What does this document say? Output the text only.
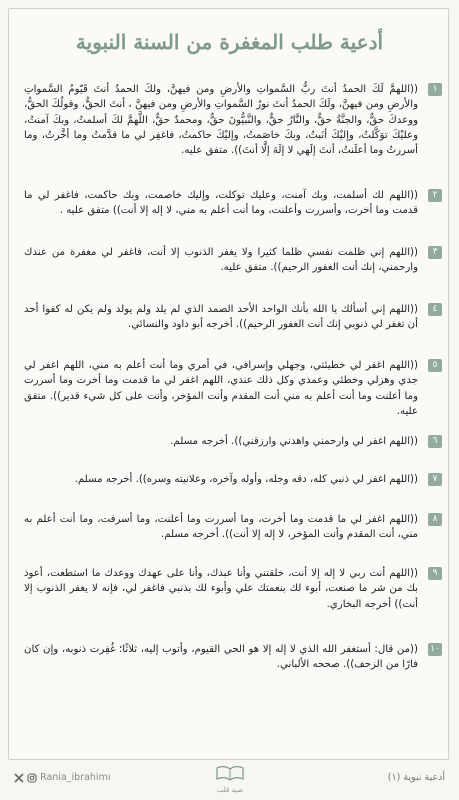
أدعية طلب المغفرة من السنة النبوية
١
((اللهمَّ لَكَ الحمدُ أنتَ ربُّ السَّمواتِ والأرضِ ومن فيهنَّ، ولكَ الحمدُ أنتَ قَيّومُ السَّمواتِ والأرضِ ومن فيهنَّ، ولَكَ الحمدُ أنتَ نورُ السَّمواتِ والأرضِ ومن فيهنَّ ، أنتَ الحقُّ، وقولُكَ الحقُّ، ووعدكَ حقٌّ، والجنَّةُ حقٌّ، والنَّارُ حقٌّ، والنَّبيُّونَ حقٌّ، ومحمدٌ حقٌّ، اللَّهمَّ لكَ أسلمتُ، وبكَ آمنتُ، وعليْكَ توَكَّلتُ، وإليْكَ أنَبتُ، وبكَ خاصَمتُ، وإليْكَ حاكمتُ، فاغفِر لي ما قدَّمتُ وما أخَّرتُ، وما أسررتُ وما أعلَنتُ، أنتَ إلَهي لا إلَهَ إلَّا أنتَ)). متفق عليه.
٢
((اللهم لك أسلمت، وبك آمنت، وعليك توكلت، وإليك خاصمت، وبك حاكمت، فاغفر لي ما قدمت وما أخرت، وأسررت وأعلنت، وما أنت أعلم به مني، لا إله إلا أنت)) متفق عليه .
٣
((اللهم إني ظلمت نفسي ظلما كثيرا ولا يغفر الذنوب إلا أنت، فاغفر لي مغفرة من عندك وارحمني، إنك أنت الغفور الرحيم)). متفق عليه.
٤
((اللهم إني أسألك يا الله بأنك الواحد الأحد الصمد الذي لم يلد ولم يولد ولم يكن له كفوا أحد أن تغفر لي ذنوبي إنك أنت الغفور الرحيم)). أخرجه أبو داود والنسائي.
٥
((اللهم اغفر لي خطيئتي، وجهلي وإسرافي، في أمري وما أنت أعلم به مني، اللهم اغفر لي جدي وهزلي وخطئي وعمدي وكل ذلك عندي، اللهم اغفر لي ما قدمت وما أخرت وما أسررت وما أعلنت وما أنت أعلم به مني أنت المقدم وأنت المؤخر، وأنت على كل شيء قدير)). متفق عليه.
٦
((اللهم اغفر لي وارحمني واهدني وارزقني)). أخرجه مسلم.
٧
((اللهم اغفر لي ذنبي كله، دقه وجله، وأوله وآخره، وعلانيته وسره)). أخرجه مسلم.
٨
((اللهم اغفر لي ما قدمت وما أخرت، وما أسررت وما أعلنت، وما أسرفت، وما أنت أعلم به مني، أنت المقدم وأنت المؤخر، لا إله إلا أنت)). أخرجه مسلم.
٩
((اللهم أنت ربي لا إله إلا أنت، خلقتني وأنا عبدك، وأنا على عهدك ووعدك ما استطعت، أعوذ بك من شر ما صنعت، أبوء لك بنعمتك علي وأبوء لك بذنبي فاغفر لي، فإنه لا يغفر الذنوب إلا أنت)) أخرجه البخاري.
١٠
((من قال: أستغفر الله الذي لا إله إلا هو الحي القيوم، وأتوب إليه، ثلاثًا؛ غُفِرت ذنوبه، وإن كان فارًا من الزحف)). صححه الألباني.
Rania_ibrahimı
صيد قلب
أدعية نبوية (١)
